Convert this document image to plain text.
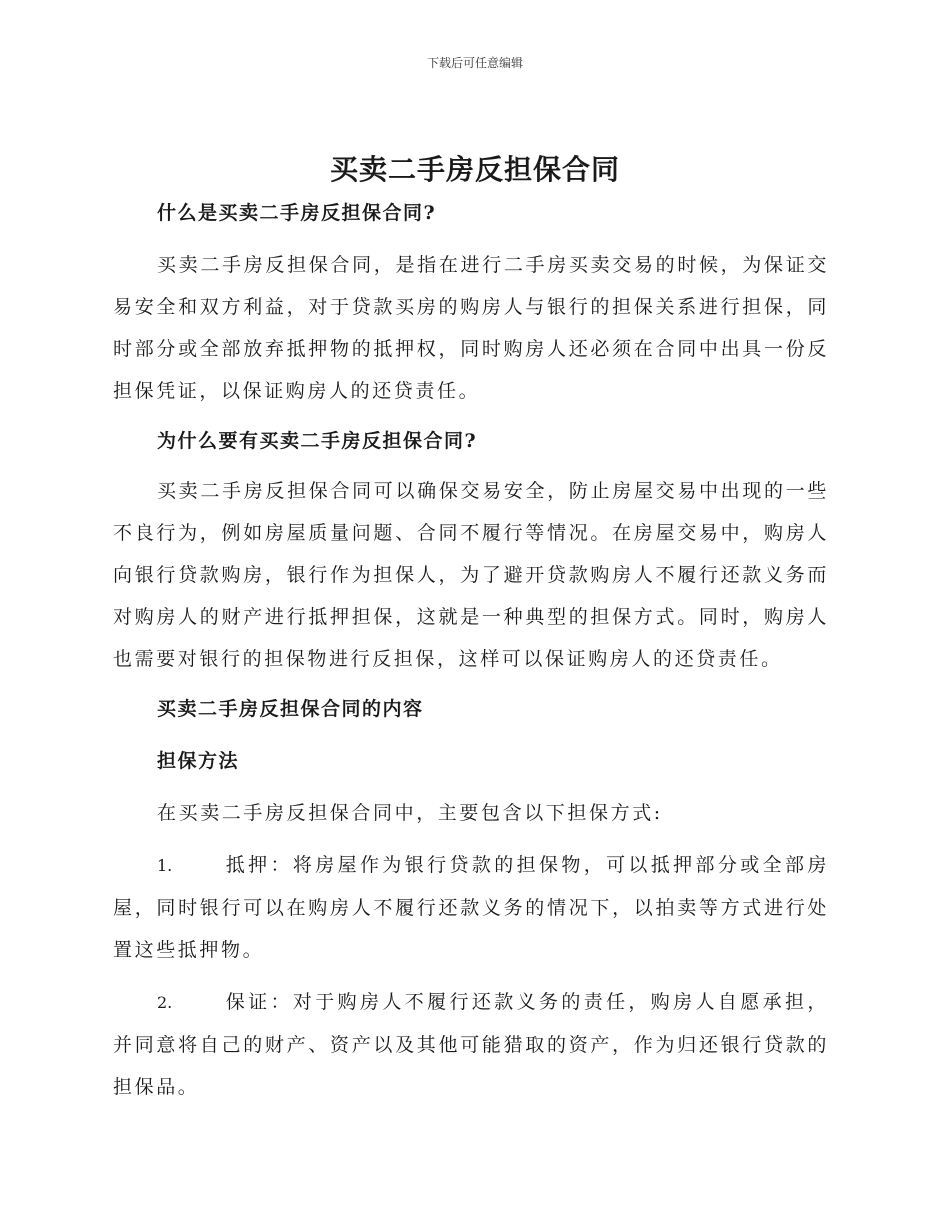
下载后可任意编辑
买卖二手房反担保合同

什么是买卖二手房反担保合同?

买卖二手房反担保合同，是指在进行二手房买卖交易的时候，为保证交易安全和双方利益，对于贷款买房的购房人与银行的担保关系进行担保，同时部分或全部放弃抵押物的抵押权，同时购房人还必须在合同中出具一份反担保凭证，以保证购房人的还贷责任。

为什么要有买卖二手房反担保合同?

买卖二手房反担保合同可以确保交易安全，防止房屋交易中出现的一些不良行为，例如房屋质量问题、合同不履行等情况。在房屋交易中，购房人向银行贷款购房，银行作为担保人，为了避开贷款购房人不履行还款义务而对购房人的财产进行抵押担保，这就是一种典型的担保方式。同时，购房人也需要对银行的担保物进行反担保，这样可以保证购房人的还贷责任。

买卖二手房反担保合同的内容

担保方法

在买卖二手房反担保合同中，主要包含以下担保方式:

1.	抵押：将房屋作为银行贷款的担保物，可以抵押部分或全部房屋，同时银行可以在购房人不履行还款义务的情况下，以拍卖等方式进行处置这些抵押物。

2.	保证：对于购房人不履行还款义务的责任，购房人自愿承担，并同意将自己的财产、资产以及其他可能猎取的资产，作为归还银行贷款的担保品。
